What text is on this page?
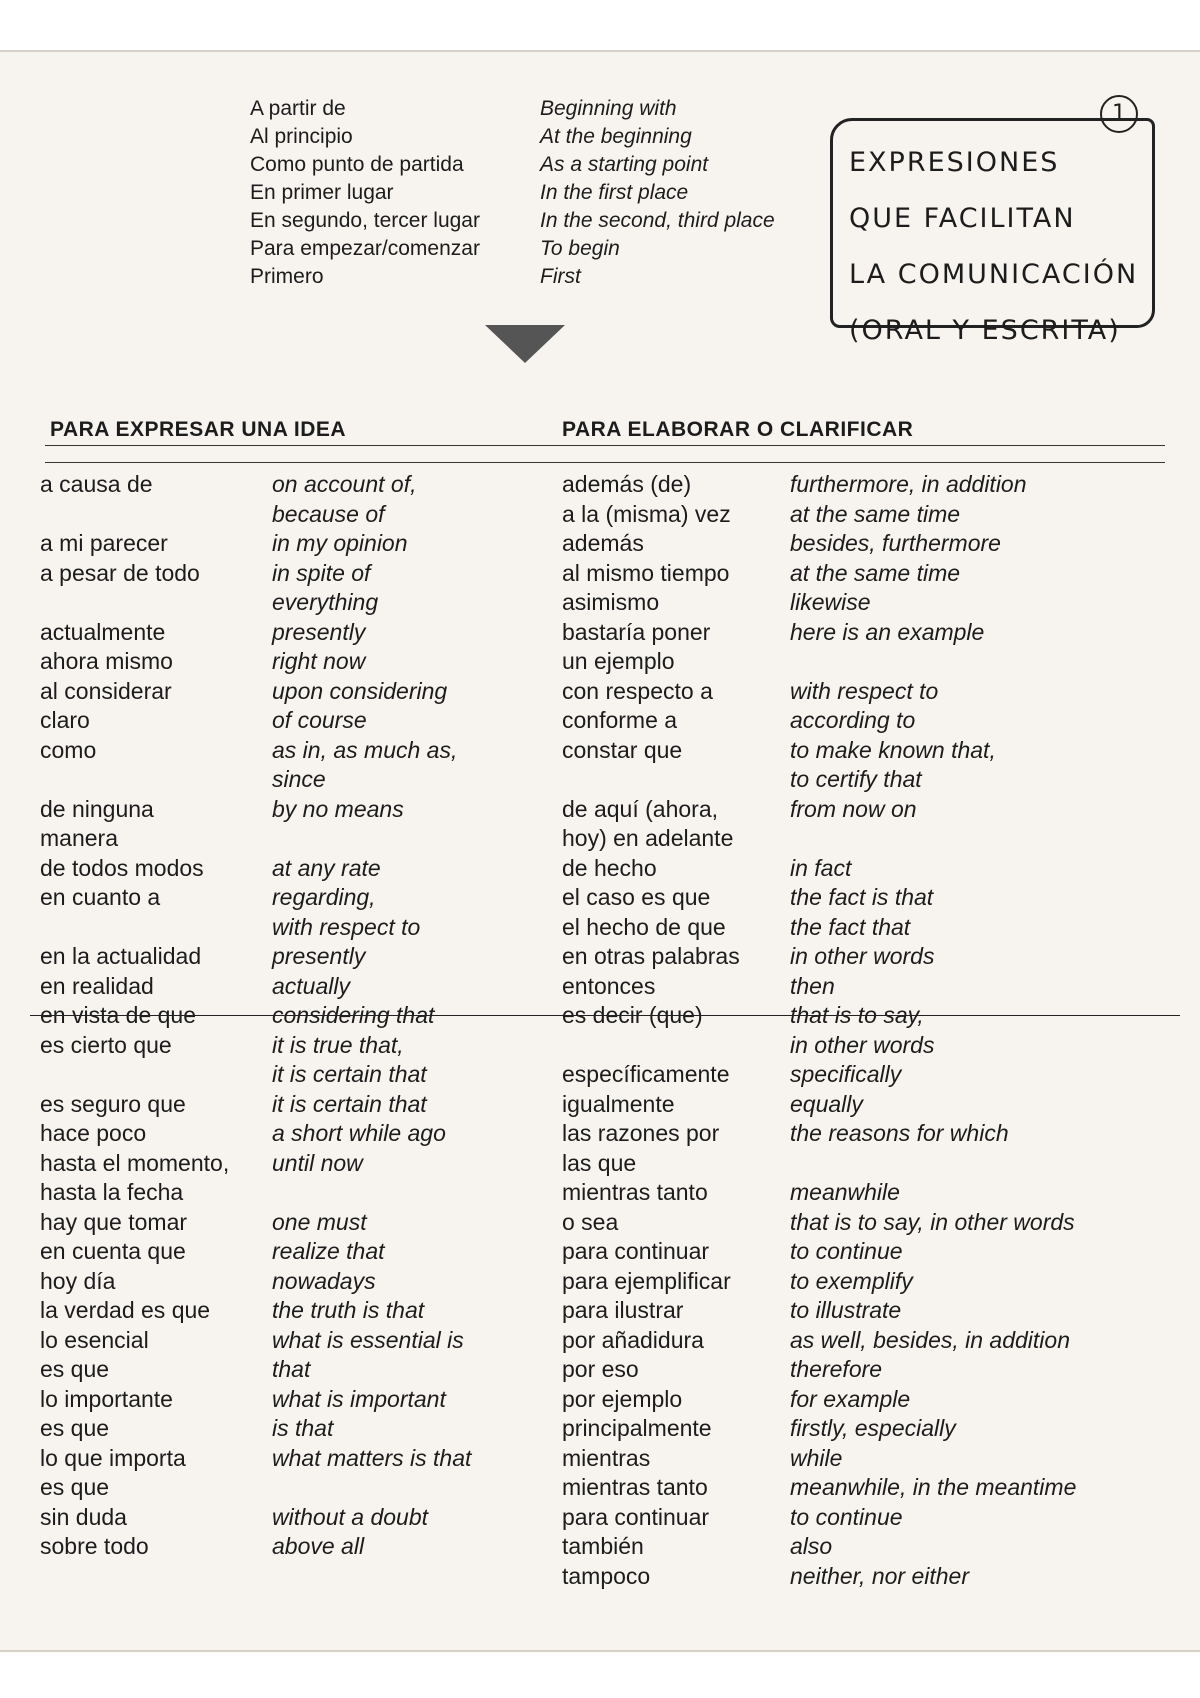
A partir de
Al principio
Como punto de partida
En primer lugar
En segundo, tercer lugar
Para empezar/comenzar
Primero
Beginning with
At the beginning
As a starting point
In the first place
In the second, third place
To begin
First
1
EXPRESIONES
QUE FACILITAN
LA COMUNICACIÓN
(ORAL Y ESCRITA)
PARA EXPRESAR UNA IDEA	PARA ELABORAR O CLARIFICAR
a causa de
a mi parecer
a pesar de todo
actualmente
ahora mismo
al considerar
claro
como
de ninguna
manera
de todos modos
en cuanto a
en la actualidad
en realidad
en vista de que
es cierto que
es seguro que
hace poco
hasta el momento,
hasta la fecha
hay que tomar
en cuenta que
hoy día
la verdad es que
lo esencial
es que
lo importante
es que
lo que importa
es que
sin duda
sobre todo
on account of,
because of
in my opinion
in spite of
everything
presently
right now
upon considering
of course
as in, as much as,
since
by no means
at any rate
regarding,
with respect to
presently
actually
considering that
it is true that,
it is certain that
it is certain that
a short while ago
until now
one must
realize that
nowadays
the truth is that
what is essential is
that
what is important
is that
what matters is that
without a doubt
above all
además (de)
a la (misma) vez
además
al mismo tiempo
asimismo
bastaría poner
un ejemplo
con respecto a
conforme a
constar que
de aquí (ahora,
hoy) en adelante
de hecho
el caso es que
el hecho de que
en otras palabras
entonces
es decir (que)
específicamente
igualmente
las razones por
las que
mientras tanto
o sea
para continuar
para ejemplificar
para ilustrar
por añadidura
por eso
por ejemplo
principalmente
mientras
mientras tanto
para continuar
también
tampoco
furthermore, in addition
at the same time
besides, furthermore
at the same time
likewise
here is an example
with respect to
according to
to make known that,
to certify that
from now on
in fact
the fact is that
the fact that
in other words
then
that is to say,
in other words
specifically
equally
the reasons for which
meanwhile
that is to say, in other words
to continue
to exemplify
to illustrate
as well, besides, in addition
therefore
for example
firstly, especially
while
meanwhile, in the meantime
to continue
also
neither, nor either
